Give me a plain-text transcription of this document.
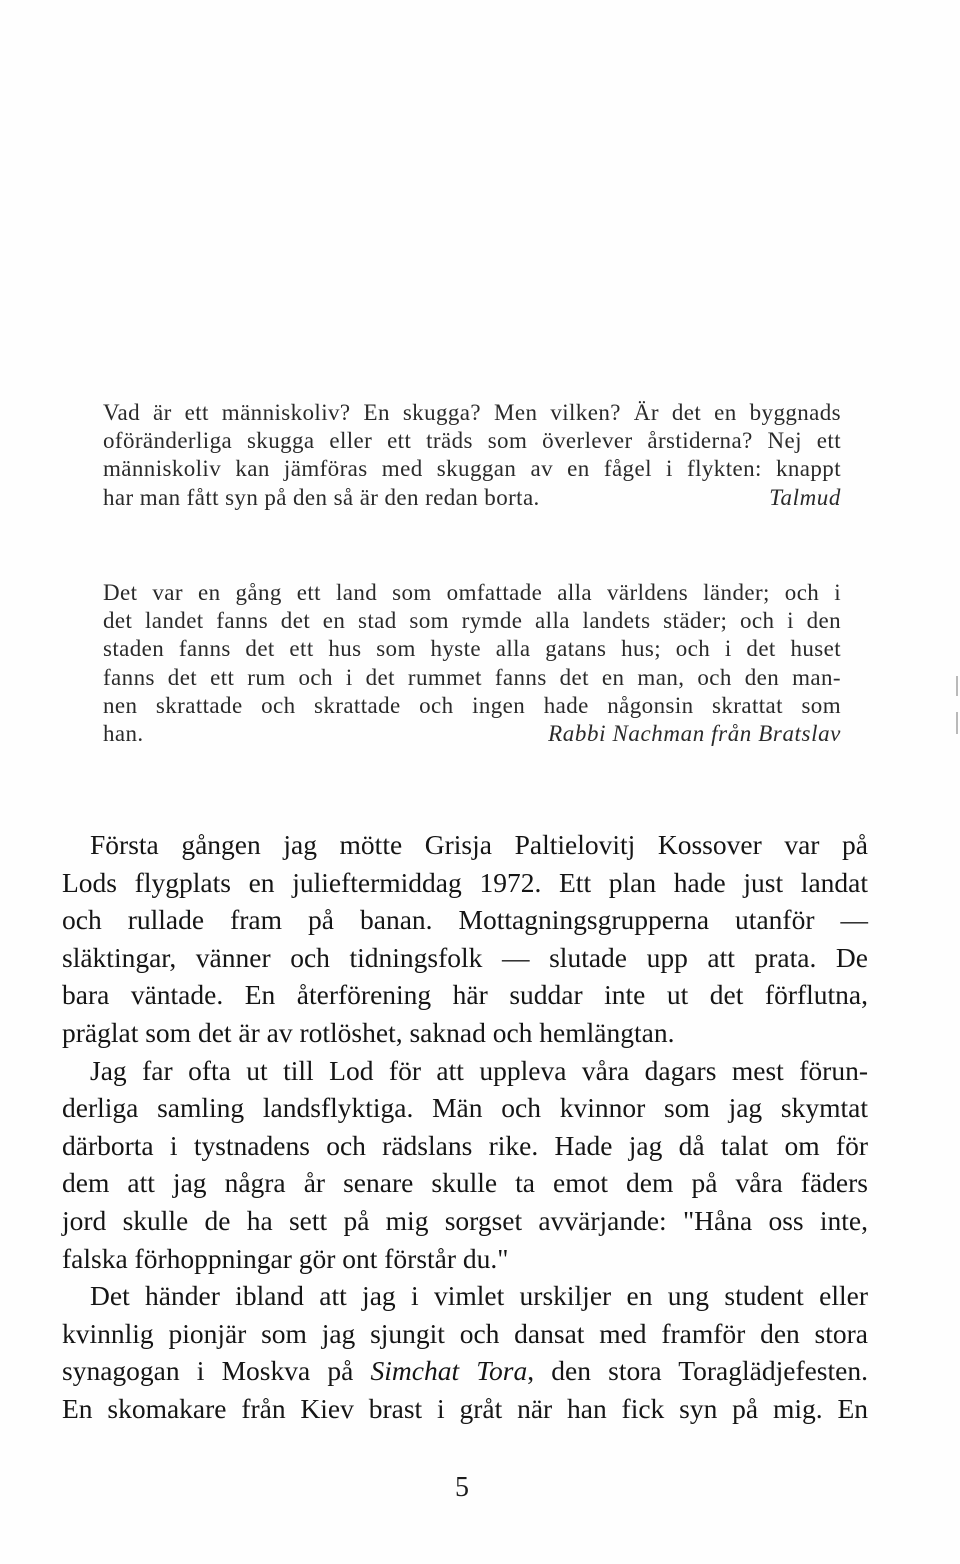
Vad är ett människoliv? En skugga? Men vilken? Är det en byggnads
oföränderliga skugga eller ett träds som överlever årstiderna? Nej ett
människoliv kan jämföras med skuggan av en fågel i flykten: knappt
har man fått syn på den så är den redan borta.	Talmud
Det var en gång ett land som omfattade alla världens länder; och i
det landet fanns det en stad som rymde alla landets städer; och i den
staden fanns det ett hus som hyste alla gatans hus; och i det huset
fanns det ett rum och i det rummet fanns det en man, och den man-
nen skrattade och skrattade och ingen hade någonsin skrattat som
han.	Rabbi Nachman från Bratslav
Första gången jag mötte Grisja Paltielovitj Kossover var på
Lods flygplats en julieftermiddag 1972. Ett plan hade just landat
och rullade fram på banan. Mottagningsgrupperna utanför —
släktingar, vänner och tidningsfolk — slutade upp att prata. De
bara väntade. En återförening här suddar inte ut det förflutna,
präglat som det är av rotlöshet, saknad och hemlängtan.
Jag far ofta ut till Lod för att uppleva våra dagars mest förun-
derliga samling landsflyktiga. Män och kvinnor som jag skymtat
därborta i tystnadens och rädslans rike. Hade jag då talat om för
dem att jag några år senare skulle ta emot dem på våra fäders
jord skulle de ha sett på mig sorgset avvärjande: "Håna oss inte,
falska förhoppningar gör ont förstår du."
Det händer ibland att jag i vimlet urskiljer en ung student eller
kvinnlig pionjär som jag sjungit och dansat med framför den stora
synagogan i Moskva på Simchat Tora, den stora Toraglädjefesten.
En skomakare från Kiev brast i gråt när han fick syn på mig. En
5
